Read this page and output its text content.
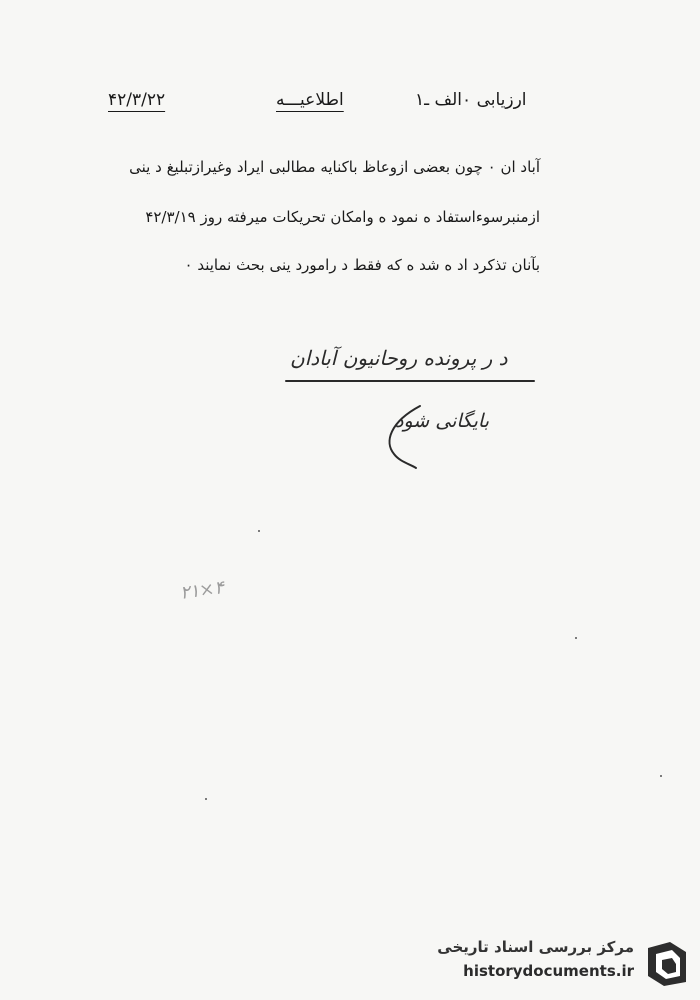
ارزیابی ۰الف ـ۱
اطلاعیـــه
۴۲/۳/۲۲
آباد ان ۰ چون بعضی ازوعاظ باکنایه مطالبی ایراد وغیرازتبلیغ د ینی
ازمنبرسوءاستفاد ه نمود ه وامکان تحریکات میرفته روز ۴۲/۳/۱۹
بآنان تذکرد اد ه شد ه که فقط د رامورد ینی بحث نمایند ۰
د ر پرونده روحانیون آبادان
بایگانی شود
۴×۲۱
مرکز بررسی اسناد تاریخی
historydocuments.ir
